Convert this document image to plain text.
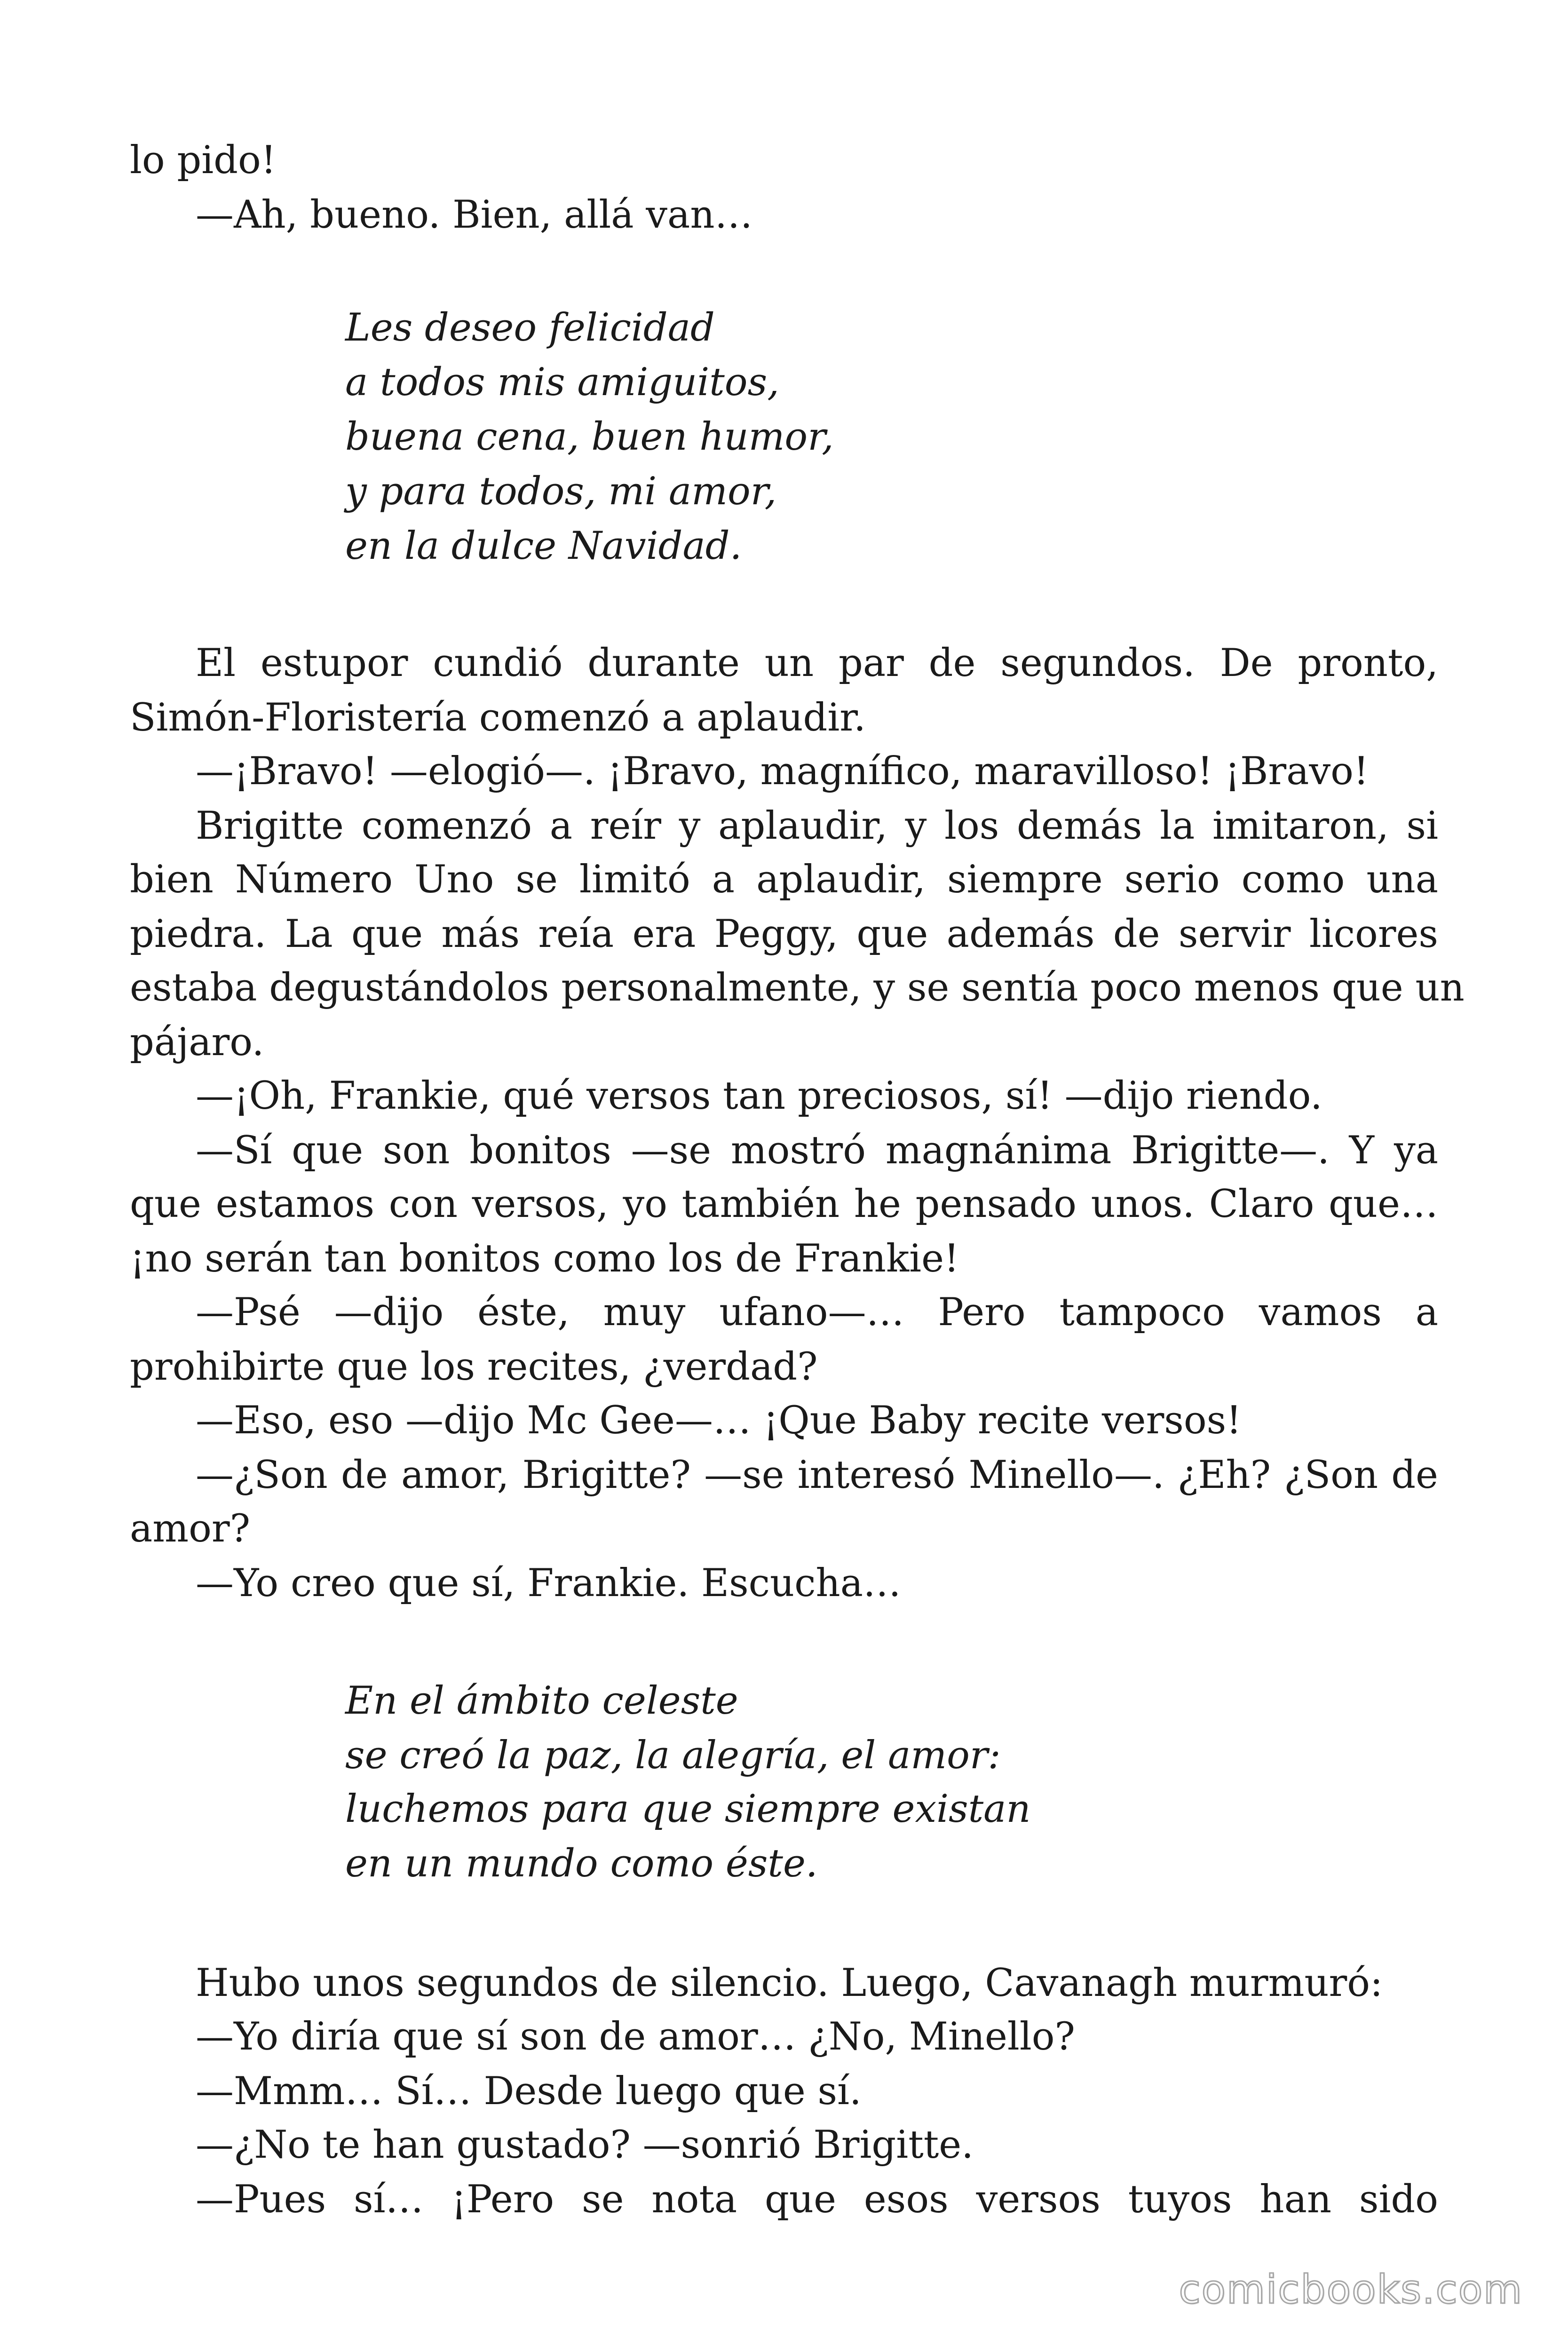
lo pido!
—Ah, bueno. Bien, allá van…
Les deseo felicidad
a todos mis amiguitos,
buena cena, buen humor,
y para todos, mi amor,
en la dulce Navidad.
El estupor cundió durante un par de segundos. De pronto,
Simón-Floristería comenzó a aplaudir.
—¡Bravo! —elogió—. ¡Bravo, magnífico, maravilloso! ¡Bravo!
Brigitte comenzó a reír y aplaudir, y los demás la imitaron, si
bien Número Uno se limitó a aplaudir, siempre serio como una
piedra. La que más reía era Peggy, que además de servir licores
estaba degustándolos personalmente, y se sentía poco menos que un
pájaro.
—¡Oh, Frankie, qué versos tan preciosos, sí! —dijo riendo.
—Sí que son bonitos —se mostró magnánima Brigitte—. Y ya
que estamos con versos, yo también he pensado unos. Claro que…
¡no serán tan bonitos como los de Frankie!
—Psé —dijo éste, muy ufano—… Pero tampoco vamos a
prohibirte que los recites, ¿verdad?
—Eso, eso —dijo Mc Gee—… ¡Que Baby recite versos!
—¿Son de amor, Brigitte? —se interesó Minello—. ¿Eh? ¿Son de
amor?
—Yo creo que sí, Frankie. Escucha…
En el ámbito celeste
se creó la paz, la alegría, el amor:
luchemos para que siempre existan
en un mundo como éste.
Hubo unos segundos de silencio. Luego, Cavanagh murmuró:
—Yo diría que sí son de amor… ¿No, Minello?
—Mmm… Sí… Desde luego que sí.
—¿No te han gustado? —sonrió Brigitte.
—Pues sí… ¡Pero se nota que esos versos tuyos han sido
comicbooks.com
